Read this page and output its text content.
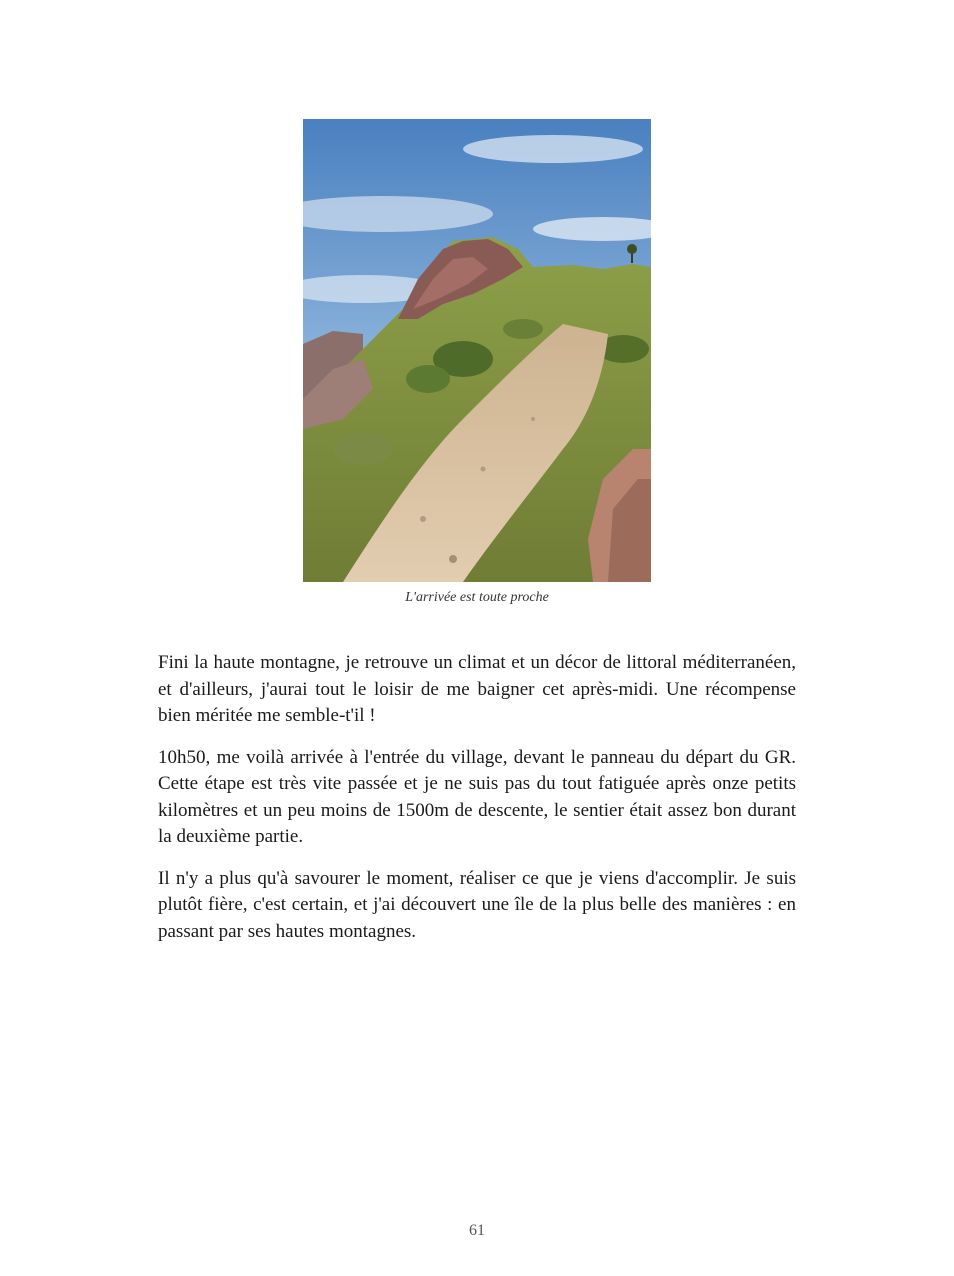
L'arrivée est toute proche

Fini la haute montagne, je retrouve un climat et un décor de littoral méditerranéen, et d'ailleurs, j'aurai tout le loisir de me baigner cet après-midi. Une récompense bien méritée me semble-t'il !

10h50, me voilà arrivée à l'entrée du village, devant le panneau du départ du GR. Cette étape est très vite passée et je ne suis pas du tout fatiguée après onze petits kilomètres et un peu moins de 1500m de descente, le sentier était assez bon durant la deuxième partie.

Il n'y a plus qu'à savourer le moment, réaliser ce que je viens d'accomplir. Je suis plutôt fière, c'est certain, et j'ai découvert une île de la plus belle des manières : en passant par ses hautes montagnes.

61
